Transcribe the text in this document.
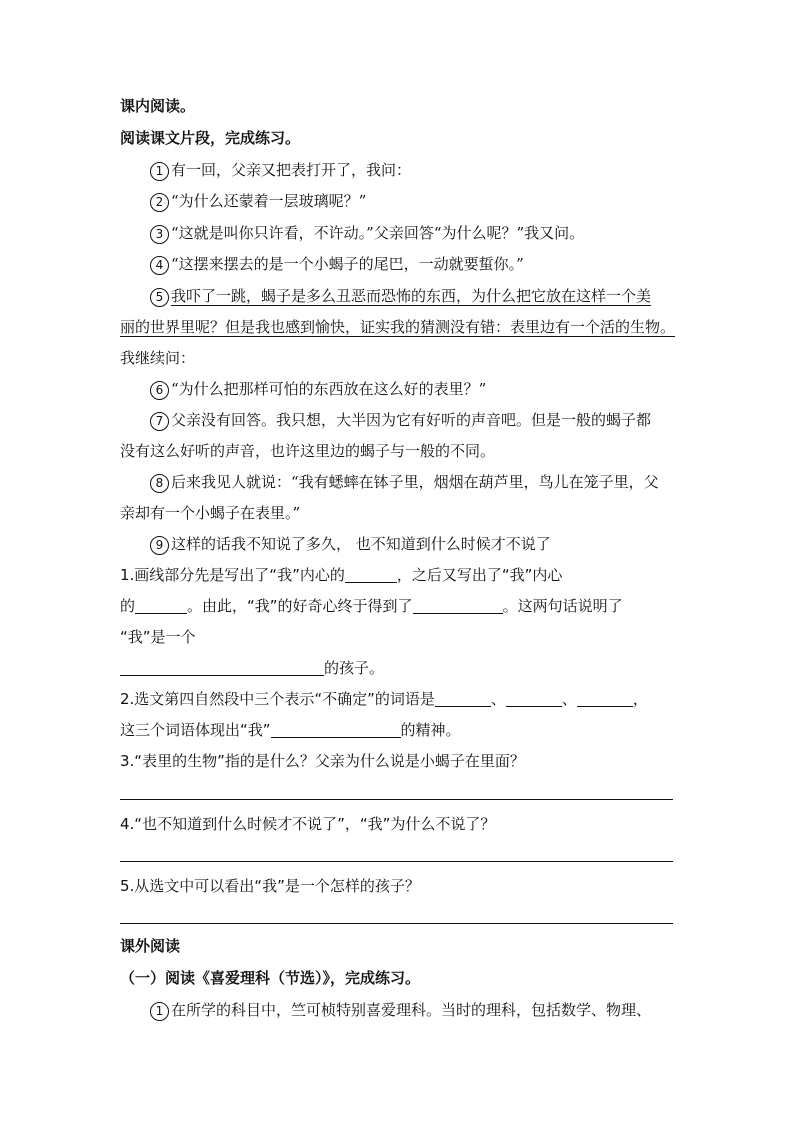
课内阅读。
阅读课文片段，完成练习。
1 有一回，父亲又把表打开了，我问：
2 “为什么还蒙着一层玻璃呢？”
3 “这就是叫你只许看，不许动。”父亲回答“为什么呢？”我又问。
4 “这摆来摆去的是一个小蝎子的尾巴，一动就要蜇你。”
5 我吓了一跳，蝎子是多么丑恶而恐怖的东西，为什么把它放在这样一个美
丽的世界里呢？但是我也感到愉快，证实我的猜测没有错：表里边有一个活的生物。
我继续问：
6 “为什么把那样可怕的东西放在这么好的表里？”
7 父亲没有回答。我只想，大半因为它有好听的声音吧。但是一般的蝎子都
没有这么好听的声音，也许这里边的蝎子与一般的不同。
8 后来我见人就说：“我有蟋蟀在钵子里，烟烟在葫芦里，鸟儿在笼子里，父
亲却有一个小蝎子在表里。”
9 这样的话我不知说了多久， 也不知道到什么时候才不说了
1.画线部分先是写出了“我”内心的	，之后又写出了“我”内心
的	。由此，“我”的好奇心终于得到了	。这两句话说明了
“我”是一个
的孩子。
2.选文第四自然段中三个表示“不确定”的词语是	、	、	，
这三个词语体现出“我”	的精神。
3.“表里的生物”指的是什么？父亲为什么说是小蝎子在里面？
4.“也不知道到什么时候才不说了”，“我”为什么不说了？
5.从选文中可以看出“我”是一个怎样的孩子？
课外阅读
（一）阅读《喜爱理科（节选）》，完成练习。
1 在所学的科目中，竺可桢特别喜爱理科。当时的理科，包括数学、物理、
